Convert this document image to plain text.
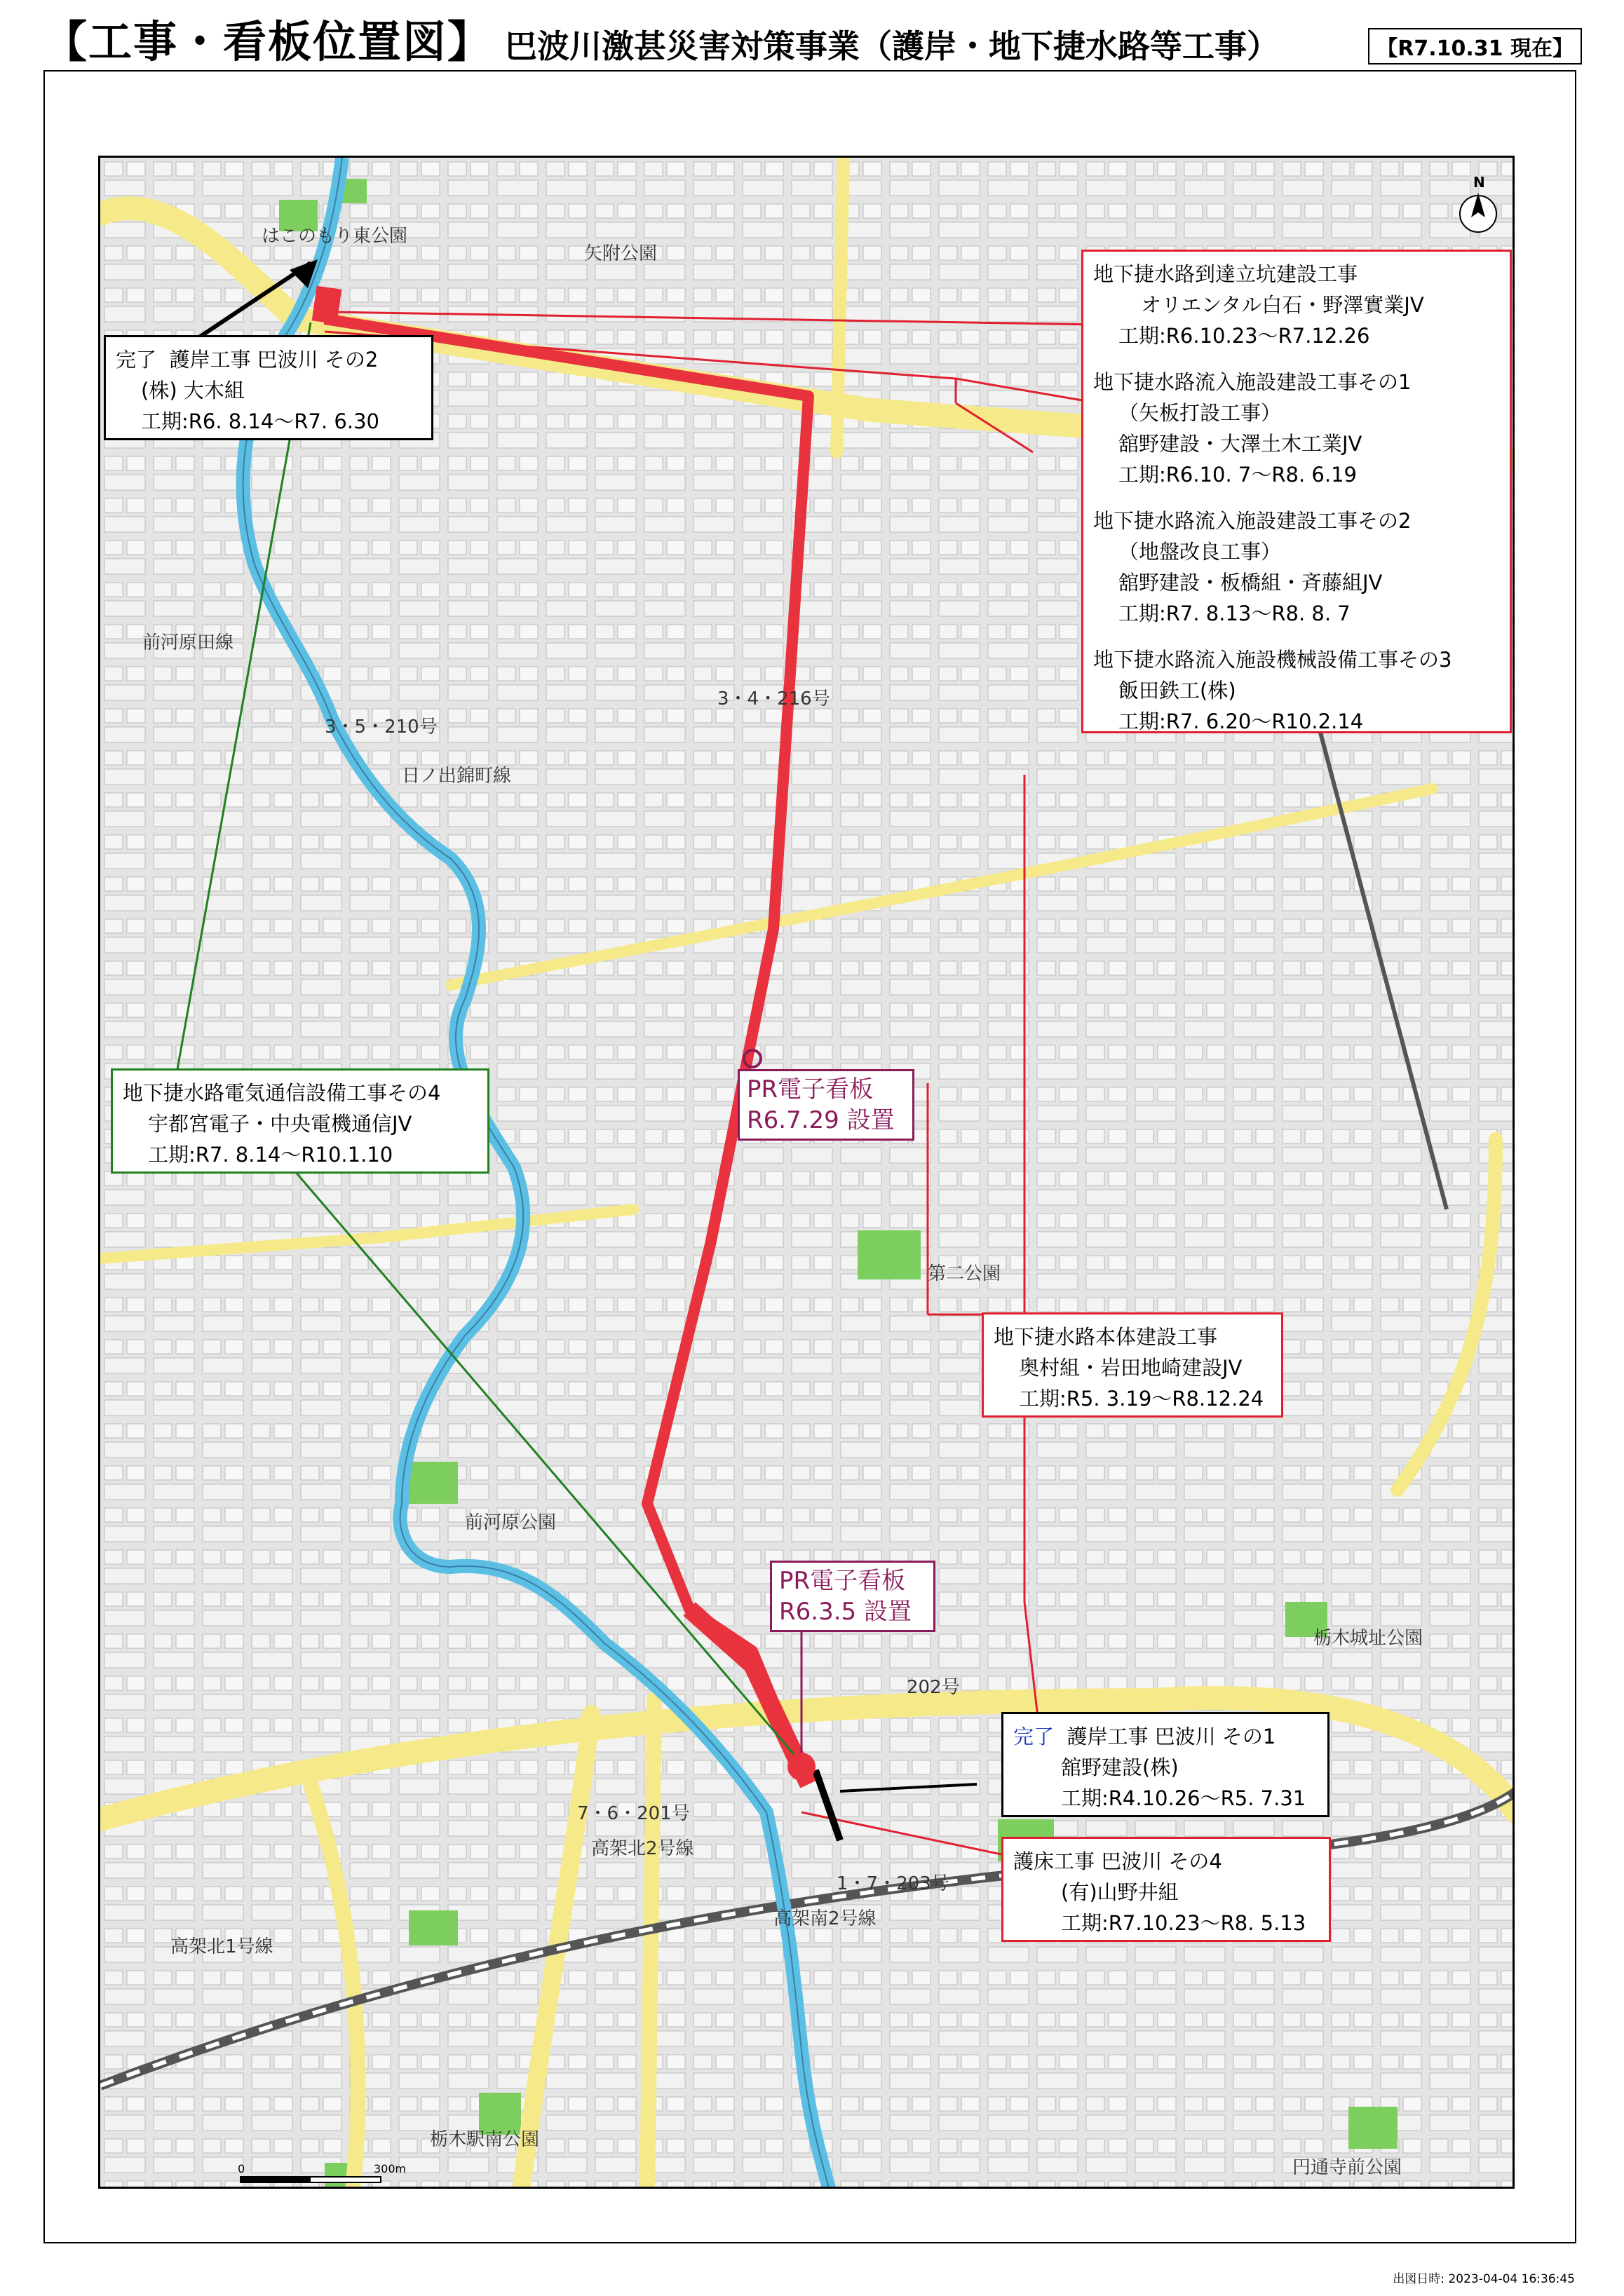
【工事・看板位置図】 巴波川激甚災害対策事業（護岸・地下捷水路等工事）	【R7.10.31 現在】
N
0	300m
はこのもり東公園
矢附公園
第二公園
前河原公園
栃木城址公園
円通寺前公園
栃木駅南公園
高架北2号線
高架南2号線
高架北1号線
7・6・201号
1・7・203号
3・5・210号
3・4・216号
日ノ出錦町線
前河原田線
202号
地下捷水路到達立坑建設工事
オリエンタル白石・野澤實業JV
工期:R6.10.23～R7.12.26
地下捷水路流入施設建設工事その1
（矢板打設工事）
舘野建設・大澤土木工業JV
工期:R6.10. 7～R8. 6.19
地下捷水路流入施設建設工事その2
（地盤改良工事）
舘野建設・板橋組・斉藤組JV
工期:R7. 8.13～R8. 8. 7
地下捷水路流入施設機械設備工事その3
飯田鉄工(株)
工期:R7. 6.20～R10.2.14
完了 護岸工事 巴波川 その2
(株) 大木組
工期:R6. 8.14～R7. 6.30
地下捷水路電気通信設備工事その4
宇都宮電子・中央電機通信JV
工期:R7. 8.14～R10.1.10
地下捷水路本体建設工事
奥村組・岩田地崎建設JV
工期:R5. 3.19～R8.12.24
完了 護岸工事 巴波川 その1
舘野建設(株)
工期:R4.10.26～R5. 7.31
護床工事 巴波川 その4
(有)山野井組
工期:R7.10.23～R8. 5.13
PR電子看板
R6.7.29 設置
PR電子看板
R6.3.5 設置
出図日時: 2023-04-04 16:36:45
